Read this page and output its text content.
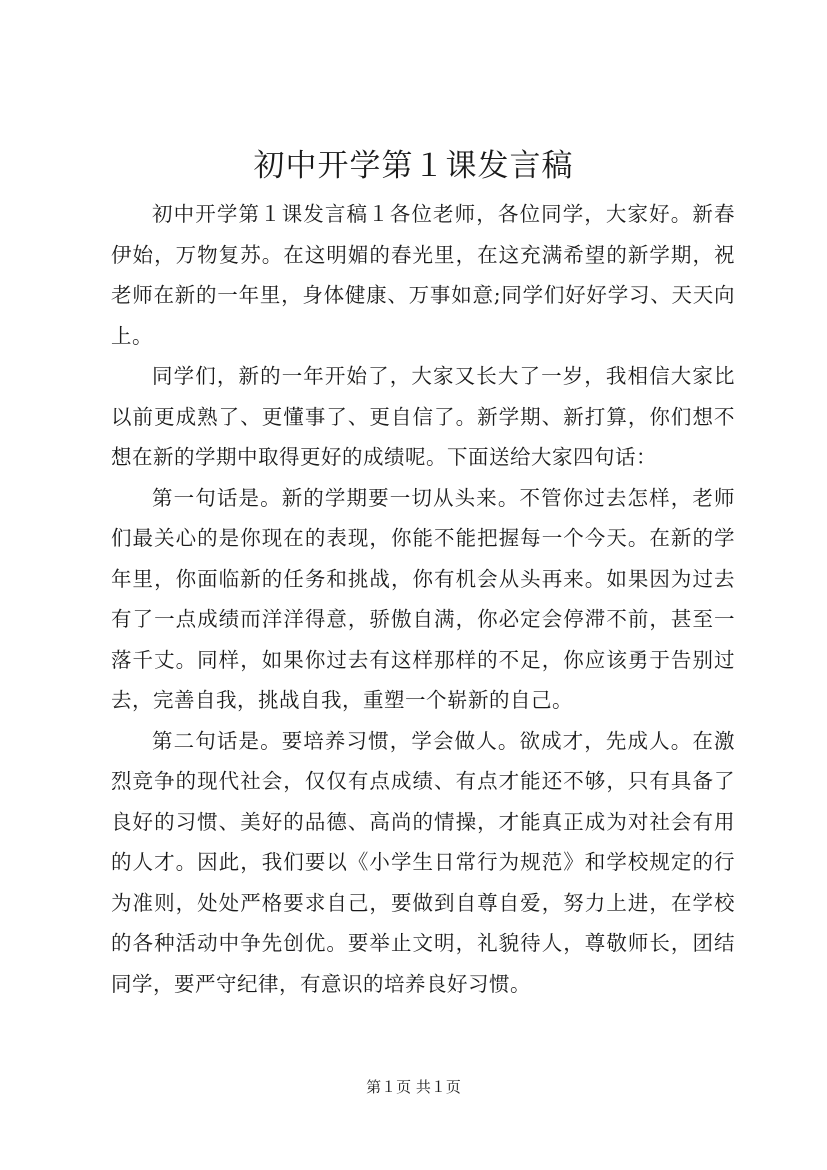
初中开学第１课发言稿

初中开学第１课发言稿１各位老师，各位同学，大家好。新春伊始，万物复苏。在这明媚的春光里，在这充满希望的新学期，祝老师在新的一年里，身体健康、万事如意;同学们好好学习、天天向上。

同学们，新的一年开始了，大家又长大了一岁，我相信大家比以前更成熟了、更懂事了、更自信了。新学期、新打算，你们想不想在新的学期中取得更好的成绩呢。下面送给大家四句话：

第一句话是。新的学期要一切从头来。不管你过去怎样，老师们最关心的是你现在的表现，你能不能把握每一个今天。在新的学年里，你面临新的任务和挑战，你有机会从头再来。如果因为过去有了一点成绩而洋洋得意，骄傲自满，你必定会停滞不前，甚至一落千丈。同样，如果你过去有这样那样的不足，你应该勇于告别过去，完善自我，挑战自我，重塑一个崭新的自己。

第二句话是。要培养习惯，学会做人。欲成才，先成人。在激烈竞争的现代社会，仅仅有点成绩、有点才能还不够，只有具备了良好的习惯、美好的品德、高尚的情操，才能真正成为对社会有用的人才。因此，我们要以《小学生日常行为规范》和学校规定的行为准则，处处严格要求自己，要做到自尊自爱，努力上进，在学校的各种活动中争先创优。要举止文明，礼貌待人，尊敬师长，团结同学，要严守纪律，有意识的培养良好习惯。

第１页 共１页
